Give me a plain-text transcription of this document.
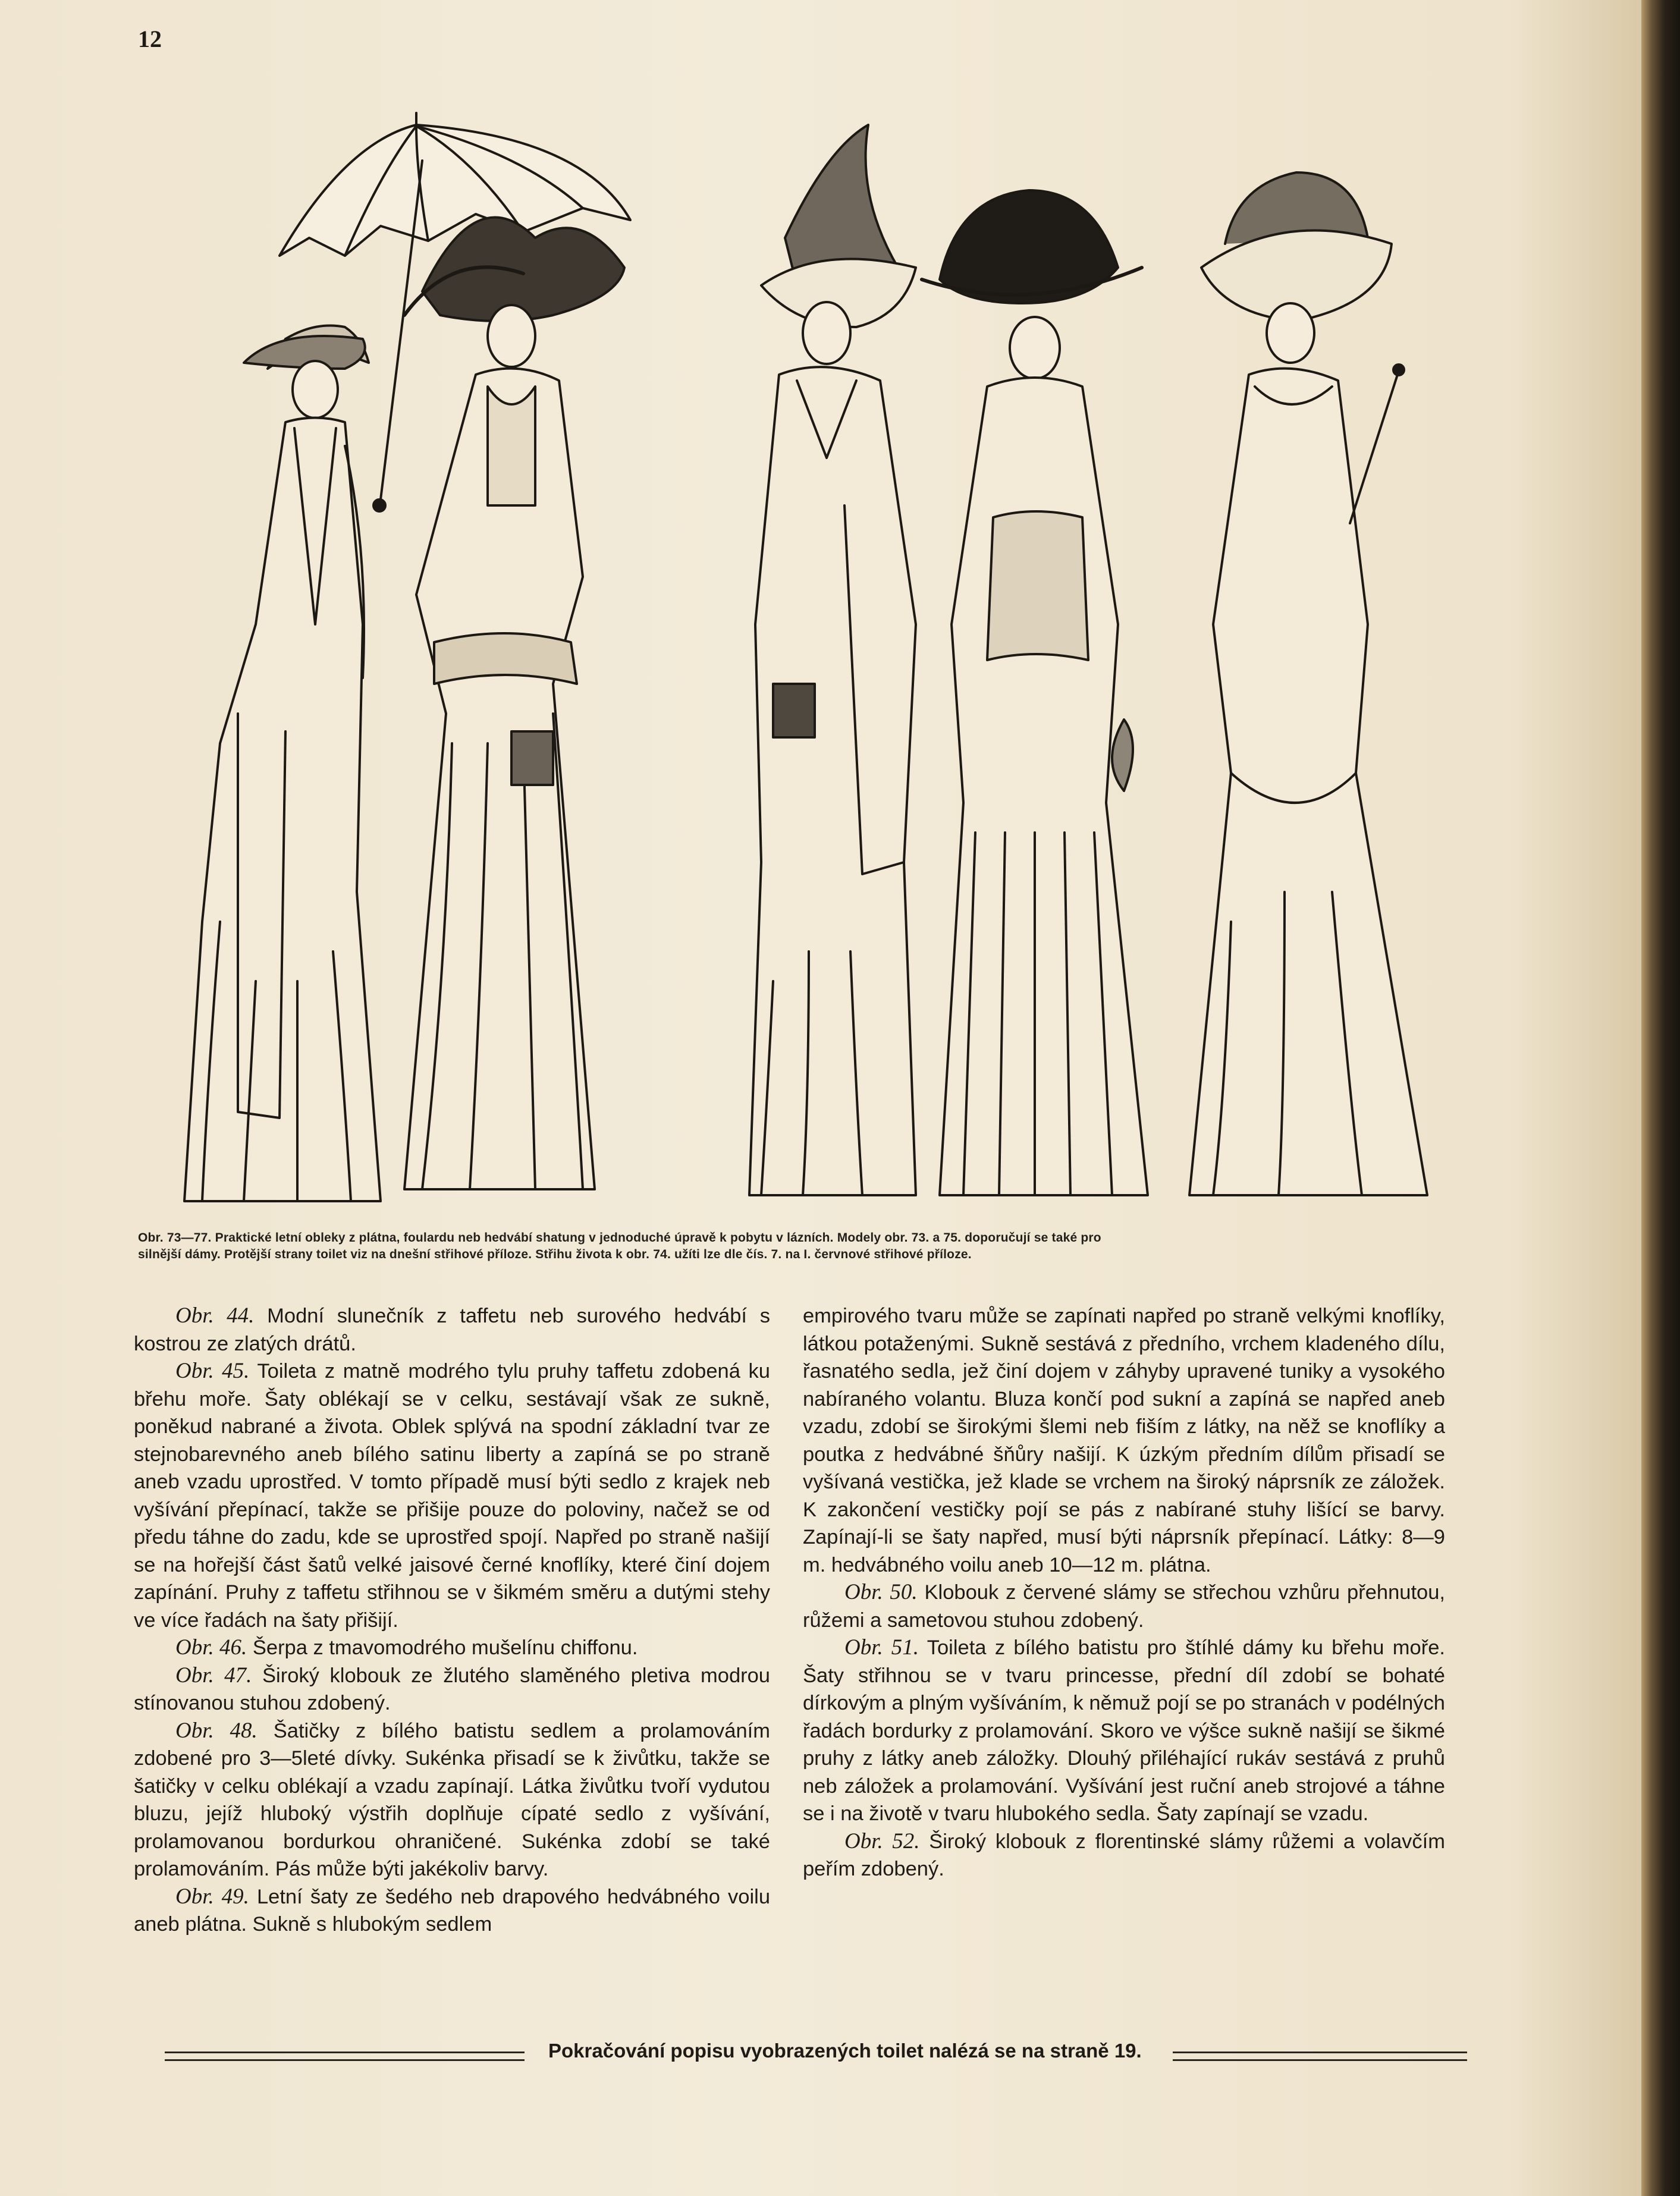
12
Obr. 73—77. Praktické letní obleky z plátna, foulardu neb hedvábí shatung v jednoduché úpravě k pobytu v lázních. Modely obr. 73. a 75. doporučují se také pro
silnější dámy. Protější strany toilet viz na dnešní střihové příloze. Střihu života k obr. 74. užíti lze dle čís. 7. na I. červnové střihové příloze.

Obr. 44. Modní slunečník z taffetu neb surového hedvábí s kostrou ze zlatých drátů.

Obr. 45. Toileta z matně modrého tylu pruhy taffetu zdobená ku břehu moře. Šaty oblékají se v celku, sestávají však ze sukně, poněkud nabrané a života. Oblek splývá na spodní základní tvar ze stejnobarevného aneb bílého satinu liberty a zapíná se po straně aneb vzadu uprostřed. V tomto případě musí býti sedlo z krajek neb vyšívání přepínací, takže se přišije pouze do poloviny, načež se od předu táhne do zadu, kde se uprostřed spojí. Napřed po straně našijí se na hořejší část šatů velké jaisové černé knoflíky, které činí dojem zapínání. Pruhy z taffetu střihnou se v šikmém směru a dutými stehy ve více řadách na šaty přišijí.

Obr. 46. Šerpa z tmavomodrého mušelínu chiffonu.

Obr. 47. Široký klobouk ze žlutého slaměného pletiva modrou stínovanou stuhou zdobený.

Obr. 48. Šatičky z bílého batistu sedlem a prolamováním zdobené pro 3—5leté dívky. Sukénka přisadí se k živůtku, takže se šatičky v celku oblékají a vzadu zapínají. Látka živůtku tvoří vydutou bluzu, jejíž hluboký výstřih doplňuje cípaté sedlo z vyšívání, prolamovanou bordurkou ohraničené. Sukénka zdobí se také prolamováním. Pás může býti jakékoliv barvy.

Obr. 49. Letní šaty ze šedého neb drapového hedvábného voilu aneb plátna. Sukně s hlubokým sedlem

empirového tvaru může se zapínati napřed po straně velkými knoflíky, látkou potaženými. Sukně sestává z předního, vrchem kladeného dílu, řasnatého sedla, jež činí dojem v záhyby upravené tuniky a vysokého nabíraného volantu. Bluza končí pod sukní a zapíná se napřed aneb vzadu, zdobí se širokými šlemi neb fiším z látky, na něž se knoflíky a poutka z hedvábné šňůry našijí. K úzkým předním dílům přisadí se vyšívaná vestička, jež klade se vrchem na široký náprsník ze záložek. K zakončení vestičky pojí se pás z nabírané stuhy lišící se barvy. Zapínají-li se šaty napřed, musí býti náprsník přepínací. Látky: 8—9 m. hedvábného voilu aneb 10—12 m. plátna.

Obr. 50. Klobouk z červené slámy se střechou vzhůru přehnutou, růžemi a sametovou stuhou zdobený.

Obr. 51. Toileta z bílého batistu pro štíhlé dámy ku břehu moře. Šaty střihnou se v tvaru princesse, přední díl zdobí se bohaté dírkovým a plným vyšíváním, k němuž pojí se po stranách v podélných řadách bordurky z prolamování. Skoro ve výšce sukně našijí se šikmé pruhy z látky aneb záložky. Dlouhý přiléhající rukáv sestává z pruhů neb záložek a prolamování. Vyšívání jest ruční aneb strojové a táhne se i na životě v tvaru hlubokého sedla. Šaty zapínají se vzadu.

Obr. 52. Široký klobouk z florentinské slámy růžemi a volavčím peřím zdobený.

Pokračování popisu vyobrazených toilet nalézá se na straně 19.
